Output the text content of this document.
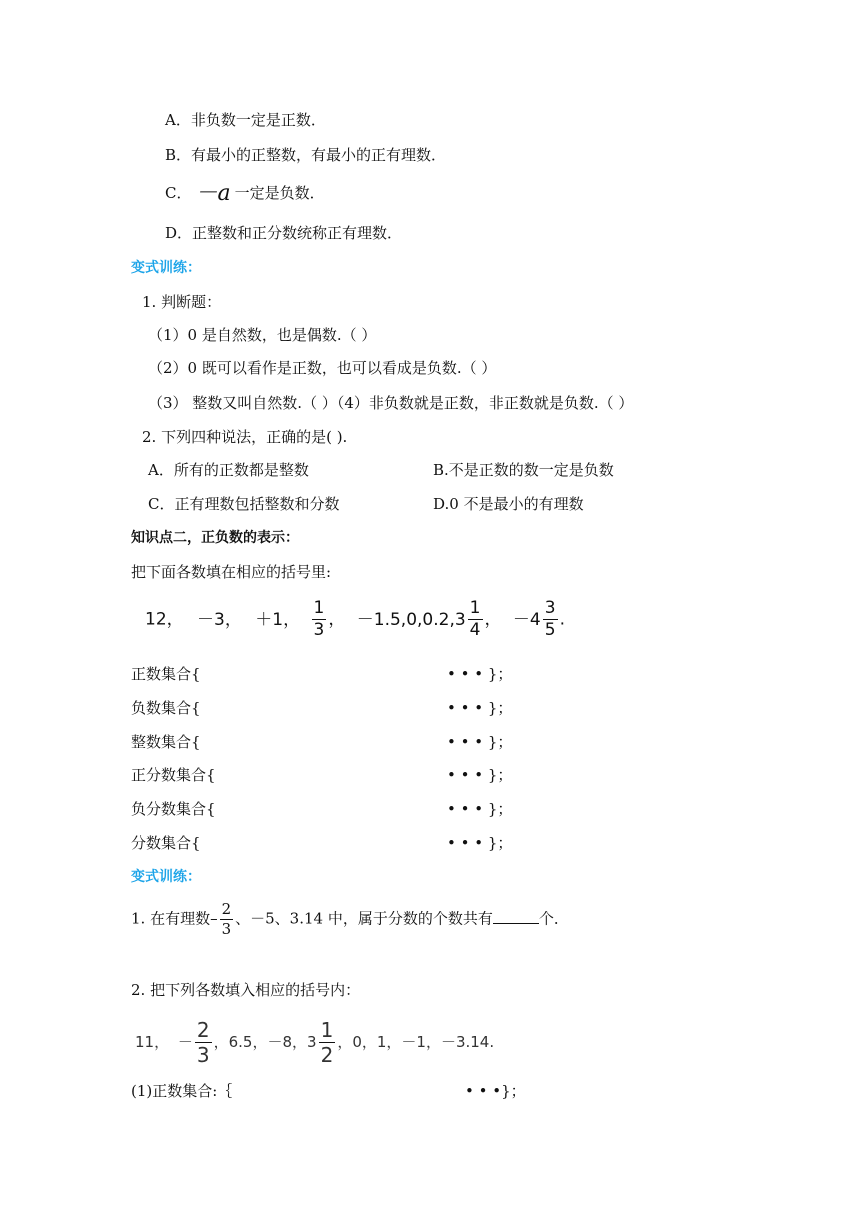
A．非负数一定是正数．
B．有最小的正整数，有最小的正有理数．
C． －a 一定是负数．
D．正整数和正分数统称正有理数．
变式训练：
1. 判断题：
（1）0 是自然数，也是偶数.（ ）
（2）0 既可以看作是正数，也可以看成是负数.（ ）
（3） 整数又叫自然数.（ ）（4）非负数就是正数，非正数就是负数.（ ）
2. 下列四种说法，正确的是( ).
A．所有的正数都是整数	B.不是正数的数一定是负数
C．正有理数包括整数和分数	D.0 不是最小的有理数
知识点二，正负数的表示：
把下面各数填在相应的括号里:
12， －3， ＋1， $\frac{1}{3}$ ， $-1.5,0,0.2,3 \frac{1}{4}$ ， $-4 \frac{3}{5}$ .
正数集合{	• • • }；
负数集合{	• • • }；
整数集合{	• • • }；
正分数集合{	• • • }；
负分数集合{	• • • }；
分数集合{	• • • }；
变式训练：
1. 在有理数– $\frac{2}{3}$ 、－5、3.14 中，属于分数的个数共有	个．
2. 把下列各数填入相应的括号内：
11， － $\frac{2}{3}$ ，6.5，－8，$3 \frac{1}{2}$ ，0，1，－1，－3.14.
(1)正数集合:｛	• • •}；
